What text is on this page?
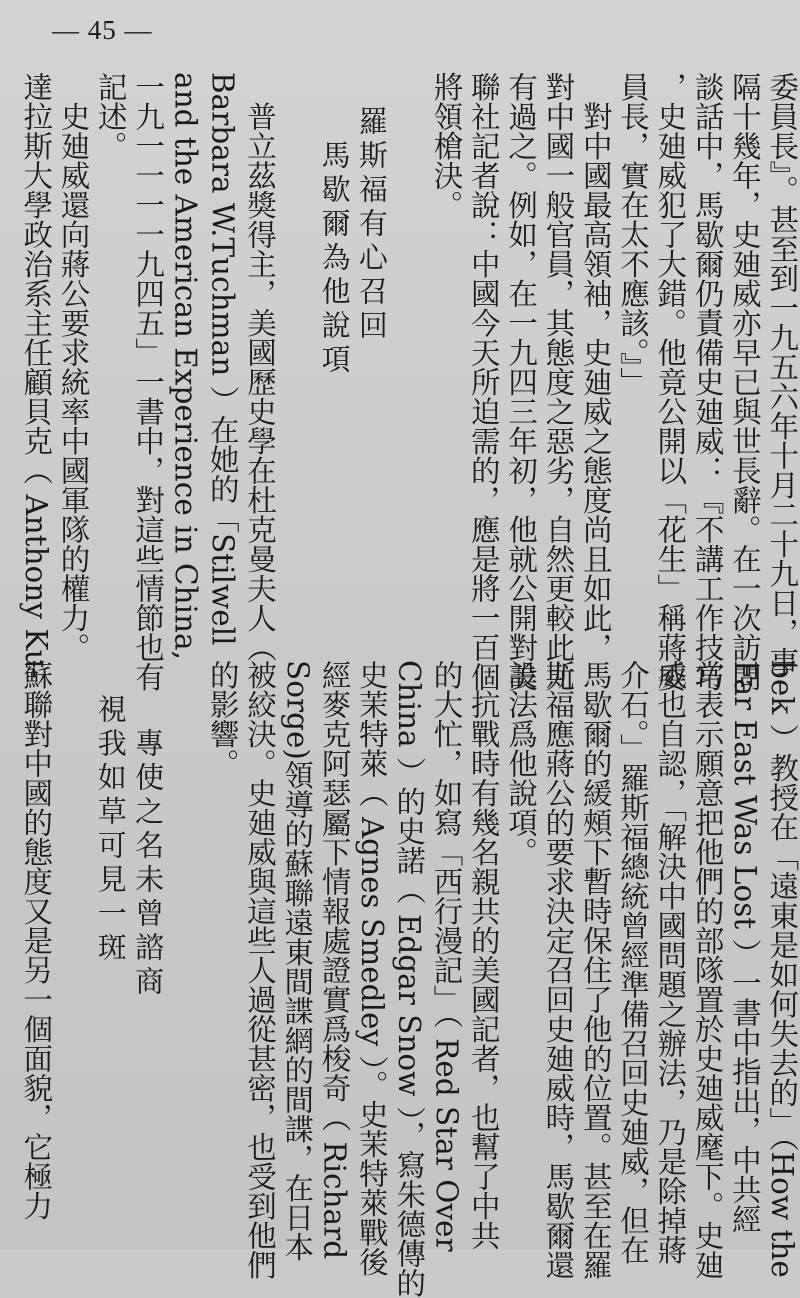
— 45 —
委員長』。甚至到一九五六年十月二十九日，事
隔十幾年，史廸威亦早已與世長辭。在一次訪問
談話中，馬歇爾仍責備史廸威：『不講工作技巧
，史廸威犯了大錯。他竟公開以「花生」稱蔣委
員長，實在太不應該。』」
　對中國最高領袖，史廸威之態度尚且如此，
對中國一般官員，其態度之惡劣，自然更較此尤
有過之。例如，在一九四三年初，他就公開對美
聯社記者說：中國今天所迫需的，應是將一百個
將領槍決。
　羅斯福有心召回
　　馬歇爾為他說項
　普立茲獎得主，美國歷史學在杜克曼夫人（
Barbara W.Tuchman ）在她的「Stilwell
and the American Experience in China,
一九一一一一九四五」一書中，對這些情節也有
記述。
　史廸威還向蔣公要求統率中國軍隊的權力。
達拉斯大學政治系主任顧貝克（ Anthony Ku-
bek ）教授在「遠東是如何失去的」（How the
Far East Was Lost ）一書中指出，中共經
常表示願意把他們的部隊置於史廸威麾下。史廸
威也自認，「解決中國問題之辦法，乃是除掉蔣
介石。」羅斯福總統曾經準備召回史廸威，但在
馬歇爾的緩頰下暫時保住了他的位置。甚至在羅
斯福應蔣公的要求決定召回史廸威時，馬歇爾還
設法爲他說項。
　抗戰時有幾名親共的美國記者，也幫了中共
的大忙，如寫「西行漫記」（ Red Star Over
China ）的史諾（ Edgar Snow ），寫朱德傳的
史茉特萊（ Agnes Smedley ）。史茉特萊戰後
經麥克阿瑟屬下情報處證實爲梭奇（ Richard
Sorge)領導的蘇聯遠東間諜網的間諜，在日本
被絞決。史廸威與這些人過從甚密，也受到他們
的影響。
　　專使之名未曾諮商
　視我如草可見一斑
蘇聯對中國的態度又是另一個面貌，它極力
